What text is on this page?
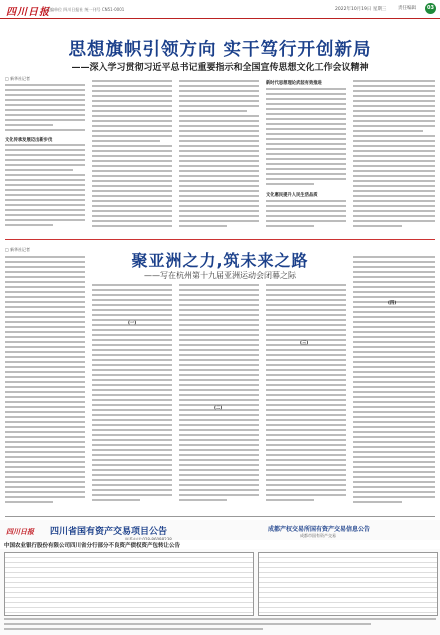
四川日报
主编单位 四川日报社 统一刊号 CN51-0001	2022年10月19日 星期三	责任编辑	03
思想旗帜引领方向 实干笃行开创新局
——深入学习贯彻习近平总书记重要指示和全国宣传思想文化工作会议精神
□ 新华社记者
文化传承发展迈出新步伐
新时代思想理论武装有效推进
文化惠民提升人民生活品质
聚亚洲之力,筑未来之路
——写在杭州第十九届亚洲运动会闭幕之际
□ 新华社记者
(一)
(二)
(三)
(四)
四川日报 四川省国有资产交易项目公告	成都产权交易所国有资产交易信息公告
成都市国有资产交易
中国农业银行股份有限公司四川省分行部分不良资产债权资产包转让公告
